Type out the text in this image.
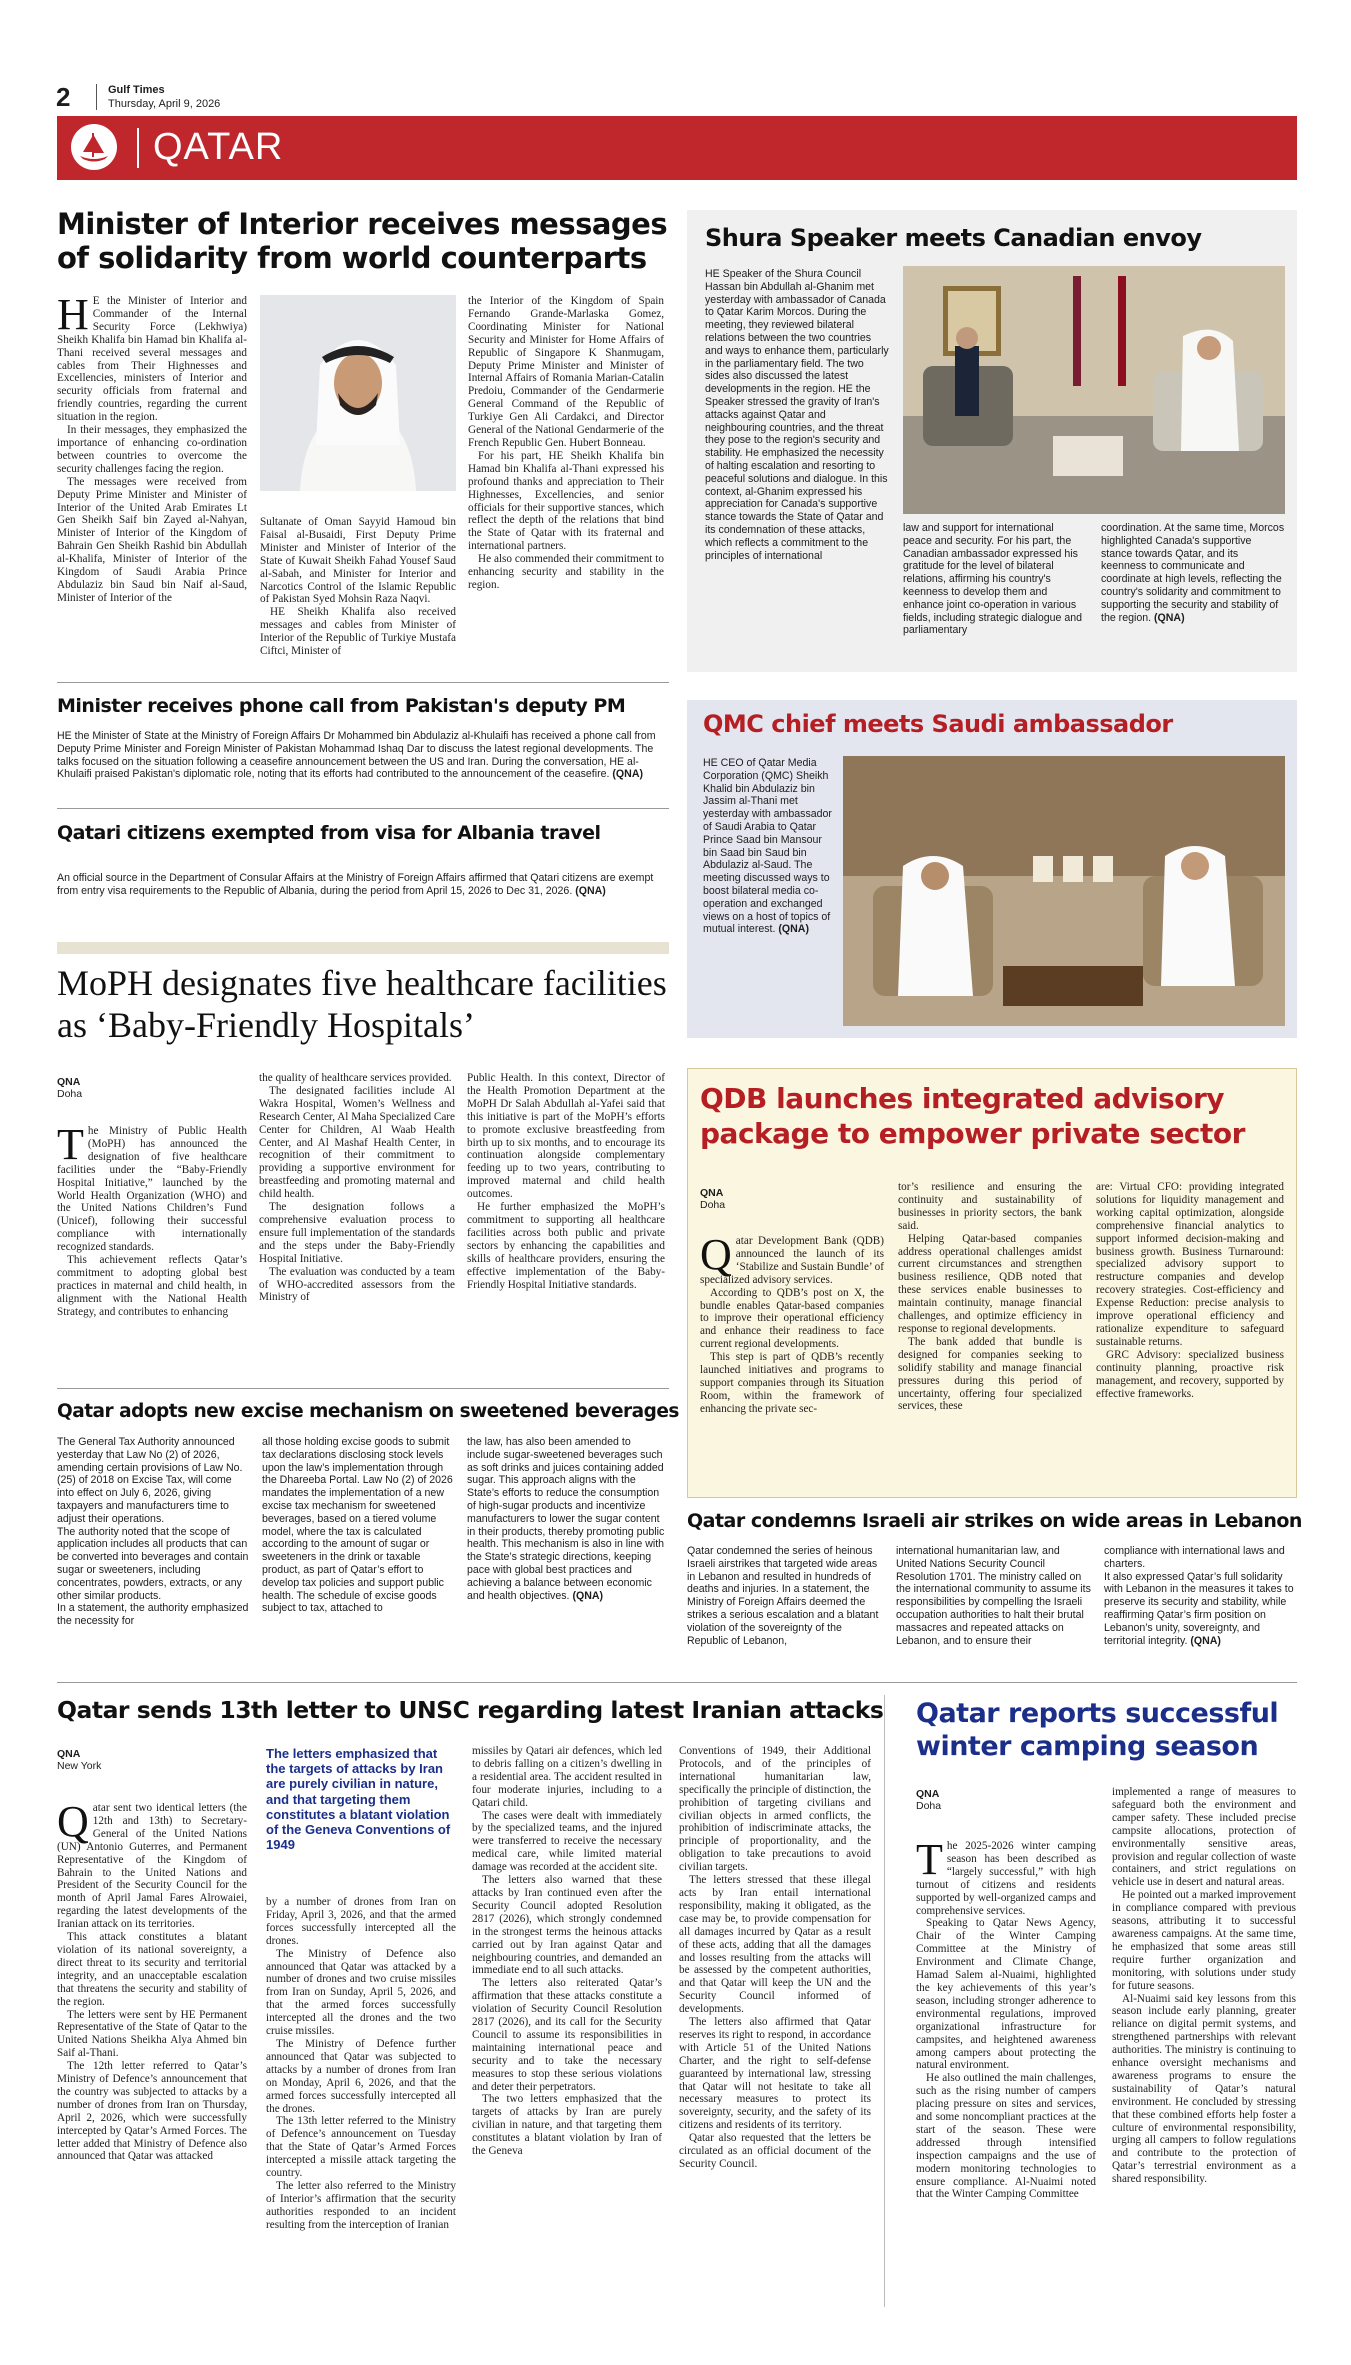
2	Gulf Times
Thursday, April 9, 2026
QATAR
Minister of Interior receives messages of solidarity from world counterparts
H E the Minister of Interior and Commander of the Internal Security Force (Lekhwiya) Sheikh Khalifa bin Hamad bin Khalifa al-Thani received several messages and cables from Their Highnesses and Excellencies, ministers of Interior and security officials from fraternal and friendly countries, regarding the current situation in the region.

In their messages, they emphasized the importance of enhancing co-ordination between countries to overcome the security challenges facing the region.

The messages were received from Deputy Prime Minister and Minister of Interior of the United Arab Emirates Lt Gen Sheikh Saif bin Zayed al-Nahyan, Minister of Interior of the Kingdom of Bahrain Gen Sheikh Rashid bin Abdullah al-Khalifa, Minister of Interior of the Kingdom of Saudi Arabia Prince Abdulaziz bin Saud bin Naif al-Saud, Minister of Interior of the

Sultanate of Oman Sayyid Hamoud bin Faisal al-Busaidi, First Deputy Prime Minister and Minister of Interior of the State of Kuwait Sheikh Fahad Yousef Saud al-Sabah, and Minister for Interior and Narcotics Control of the Islamic Republic of Pakistan Syed Mohsin Raza Naqvi.

HE Sheikh Khalifa also received messages and cables from Minister of Interior of the Republic of Turkiye Mustafa Ciftci, Minister of

the Interior of the Kingdom of Spain Fernando Grande-Marlaska Gomez, Coordinating Minister for National Security and Minister for Home Affairs of Republic of Singapore K Shanmugam, Deputy Prime Minister and Minister of Internal Affairs of Romania Marian-Catalin Predoiu, Commander of the Gendarmerie General Command of the Republic of Turkiye Gen Ali Cardakci, and Director General of the National Gendarmerie of the French Republic Gen. Hubert Bonneau.

For his part, HE Sheikh Khalifa bin Hamad bin Khalifa al-Thani expressed his profound thanks and appreciation to Their Highnesses, Excellencies, and senior officials for their supportive stances, which reflect the depth of the relations that bind the State of Qatar with its fraternal and international partners.

He also commended their commitment to enhancing security and stability in the region.

Shura Speaker meets Canadian envoy

HE Speaker of the Shura Council Hassan bin Abdullah al-Ghanim met yesterday with ambassador of Canada to Qatar Karim Morcos. During the meeting, they reviewed bilateral relations between the two countries and ways to enhance them, particularly in the parliamentary field. The two sides also discussed the latest developments in the region. HE the Speaker stressed the gravity of Iran's attacks against Qatar and neighbouring countries, and the threat they pose to the region's security and stability. He emphasized the necessity of halting escalation and resorting to peaceful solutions and dialogue. In this context, al-Ghanim expressed his appreciation for Canada's supportive stance towards the State of Qatar and its condemnation of these attacks, which reflects a commitment to the principles of international

law and support for international peace and security. For his part, the Canadian ambassador expressed his gratitude for the level of bilateral relations, affirming his country's keenness to develop them and enhance joint co-operation in various fields, including strategic dialogue and parliamentary

coordination. At the same time, Morcos highlighted Canada's supportive stance towards Qatar, and its keenness to communicate and coordinate at high levels, reflecting the country's solidarity and commitment to supporting the security and stability of the region. (QNA)

Minister receives phone call from Pakistan's deputy PM

HE the Minister of State at the Ministry of Foreign Affairs Dr Mohammed bin Abdulaziz al-Khulaifi has received a phone call from Deputy Prime Minister and Foreign Minister of Pakistan Mohammad Ishaq Dar to discuss the latest regional developments. The talks focused on the situation following a ceasefire announcement between the US and Iran. During the conversation, HE al-Khulaifi praised Pakistan's diplomatic role, noting that its efforts had contributed to the announcement of the ceasefire. (QNA)

Qatari citizens exempted from visa for Albania travel

An official source in the Department of Consular Affairs at the Ministry of Foreign Affairs affirmed that Qatari citizens are exempt from entry visa requirements to the Republic of Albania, during the period from April 15, 2026 to Dec 31, 2026. (QNA)

QMC chief meets Saudi ambassador

HE CEO of Qatar Media Corporation (QMC) Sheikh Khalid bin Abdulaziz bin Jassim al-Thani met yesterday with ambassador of Saudi Arabia to Qatar Prince Saad bin Mansour bin Saad bin Saud bin Abdulaziz al-Saud. The meeting discussed ways to boost bilateral media co-operation and exchanged views on a host of topics of mutual interest. (QNA)

MoPH designates five healthcare facilities as ‘Baby-Friendly Hospitals’
QNA
Doha
T he Ministry of Public Health (MoPH) has announced the designation of five healthcare facilities under the “Baby-Friendly Hospital Initiative,” launched by the World Health Organization (WHO) and the United Nations Children’s Fund (Unicef), following their successful compliance with internationally recognized standards.

This achievement reflects Qatar’s commitment to adopting global best practices in maternal and child health, in alignment with the National Health Strategy, and contributes to enhancing

the quality of healthcare services provided.

The designated facilities include Al Wakra Hospital, Women’s Wellness and Research Center, Al Maha Specialized Care Center for Children, Al Waab Health Center, and Al Mashaf Health Center, in recognition of their commitment to providing a supportive environment for breastfeeding and promoting maternal and child health.

The designation follows a comprehensive evaluation process to ensure full implementation of the standards and the steps under the Baby-Friendly Hospital Initiative.

The evaluation was conducted by a team of WHO-accredited assessors from the Ministry of

Public Health. In this context, Director of the Health Promotion Department at the MoPH Dr Salah Abdullah al-Yafei said that this initiative is part of the MoPH’s efforts to promote exclusive breastfeeding from birth up to six months, and to encourage its continuation alongside complementary feeding up to two years, contributing to improved maternal and child health outcomes.

He further emphasized the MoPH’s commitment to supporting all healthcare facilities across both public and private sectors by enhancing the capabilities and skills of healthcare providers, ensuring the effective implementation of the Baby-Friendly Hospital Initiative standards.

QDB launches integrated advisory package to empower private sector
QNA
Doha
Q atar Development Bank (QDB) announced the launch of its ‘Stabilize and Sustain Bundle’ of specialized advisory services.

According to QDB’s post on X, the bundle enables Qatar-based companies to improve their operational efficiency and enhance their readiness to face current regional developments.

This step is part of QDB’s recently launched initiatives and programs to support companies through its Situation Room, within the framework of enhancing the private sec-

tor’s resilience and ensuring the continuity and sustainability of businesses in priority sectors, the bank said.

Helping Qatar-based companies address operational challenges amidst current circumstances and strengthen business resilience, QDB noted that these services enable businesses to maintain continuity, manage financial challenges, and optimize efficiency in response to regional developments.

The bank added that bundle is designed for companies seeking to solidify stability and manage financial pressures during this period of uncertainty, offering four specialized services, these

are: Virtual CFO: providing integrated solutions for liquidity management and working capital optimization, alongside comprehensive financial analytics to support informed decision-making and business growth. Business Turnaround: specialized advisory support to restructure companies and develop recovery strategies. Cost-efficiency and Expense Reduction: precise analysis to improve operational efficiency and rationalize expenditure to safeguard sustainable returns.

GRC Advisory: specialized business continuity planning, proactive risk management, and recovery, supported by effective frameworks.

Qatar adopts new excise mechanism on sweetened beverages

The General Tax Authority announced yesterday that Law No (2) of 2026, amending certain provisions of Law No. (25) of 2018 on Excise Tax, will come into effect on July 6, 2026, giving taxpayers and manufacturers time to adjust their operations.
The authority noted that the scope of application includes all products that can be converted into beverages and contain sugar or sweeteners, including concentrates, powders, extracts, or any other similar products.
In a statement, the authority emphasized the necessity for

all those holding excise goods to submit tax declarations disclosing stock levels upon the law’s implementation through the Dhareeba Portal. Law No (2) of 2026 mandates the implementation of a new excise tax mechanism for sweetened beverages, based on a tiered volume model, where the tax is calculated according to the amount of sugar or sweeteners in the drink or taxable product, as part of Qatar’s effort to develop tax policies and support public health. The schedule of excise goods subject to tax, attached to

the law, has also been amended to include sugar-sweetened beverages such as soft drinks and juices containing added sugar. This approach aligns with the State’s efforts to reduce the consumption of high-sugar products and incentivize manufacturers to lower the sugar content in their products, thereby promoting public health. This mechanism is also in line with the State’s strategic directions, keeping pace with global best practices and achieving a balance between economic and health objectives. (QNA)

Qatar condemns Israeli air strikes on wide areas in Lebanon

Qatar condemned the series of heinous Israeli airstrikes that targeted wide areas in Lebanon and resulted in hundreds of deaths and injuries. In a statement, the Ministry of Foreign Affairs deemed the strikes a serious escalation and a blatant violation of the sovereignty of the Republic of Lebanon,

international humanitarian law, and United Nations Security Council Resolution 1701. The ministry called on the international community to assume its responsibilities by compelling the Israeli occupation authorities to halt their brutal massacres and repeated attacks on Lebanon, and to ensure their

compliance with international laws and charters.
It also expressed Qatar’s full solidarity with Lebanon in the measures it takes to preserve its security and stability, while reaffirming Qatar’s firm position on Lebanon’s unity, sovereignty, and territorial integrity. (QNA)

Qatar sends 13th letter to UNSC regarding latest Iranian attacks
QNA
New York
Q atar sent two identical letters (the 12th and 13th) to Secretary-General of the United Nations (UN) Antonio Guterres, and Permanent Representative of the Kingdom of Bahrain to the United Nations and President of the Security Council for the month of April Jamal Fares Alrowaiei, regarding the latest developments of the Iranian attack on its territories.

This attack constitutes a blatant violation of its national sovereignty, a direct threat to its security and territorial integrity, and an unacceptable escalation that threatens the security and stability of the region.

The letters were sent by HE Permanent Representative of the State of Qatar to the United Nations Sheikha Alya Ahmed bin Saif al-Thani.

The 12th letter referred to Qatar’s Ministry of Defence’s announcement that the country was subjected to attacks by a number of drones from Iran on Thursday, April 2, 2026, which were successfully intercepted by Qatar’s Armed Forces. The letter added that Ministry of Defence also announced that Qatar was attacked

The letters emphasized that the targets of attacks by Iran are purely civilian in nature, and that targeting them constitutes a blatant violation of the Geneva Conventions of 1949

by a number of drones from Iran on Friday, April 3, 2026, and that the armed forces successfully intercepted all the drones.

The Ministry of Defence also announced that Qatar was attacked by a number of drones and two cruise missiles from Iran on Sunday, April 5, 2026, and that the armed forces successfully intercepted all the drones and the two cruise missiles.

The Ministry of Defence further announced that Qatar was subjected to attacks by a number of drones from Iran on Monday, April 6, 2026, and that the armed forces successfully intercepted all the drones.

The 13th letter referred to the Ministry of Defence’s announcement on Tuesday that the State of Qatar’s Armed Forces intercepted a missile attack targeting the country.

The letter also referred to the Ministry of Interior’s affirmation that the security authorities responded to an incident resulting from the interception of Iranian

missiles by Qatari air defences, which led to debris falling on a citizen’s dwelling in a residential area. The accident resulted in four moderate injuries, including to a Qatari child.

The cases were dealt with immediately by the specialized teams, and the injured were transferred to receive the necessary medical care, while limited material damage was recorded at the accident site.

The letters also warned that these attacks by Iran continued even after the Security Council adopted Resolution 2817 (2026), which strongly condemned in the strongest terms the heinous attacks carried out by Iran against Qatar and neighbouring countries, and demanded an immediate end to all such attacks.

The letters also reiterated Qatar’s affirmation that these attacks constitute a violation of Security Council Resolution 2817 (2026), and its call for the Security Council to assume its responsibilities in maintaining international peace and security and to take the necessary measures to stop these serious violations and deter their perpetrators.

The two letters emphasized that the targets of attacks by Iran are purely civilian in nature, and that targeting them constitutes a blatant violation by Iran of the Geneva

Conventions of 1949, their Additional Protocols, and of the principles of international humanitarian law, specifically the principle of distinction, the prohibition of targeting civilians and civilian objects in armed conflicts, the prohibition of indiscriminate attacks, the principle of proportionality, and the obligation to take precautions to avoid civilian targets.

The letters stressed that these illegal acts by Iran entail international responsibility, making it obligated, as the case may be, to provide compensation for all damages incurred by Qatar as a result of these acts, adding that all the damages and losses resulting from the attacks will be assessed by the competent authorities, and that Qatar will keep the UN and the Security Council informed of developments.

The letters also affirmed that Qatar reserves its right to respond, in accordance with Article 51 of the United Nations Charter, and the right to self-defense guaranteed by international law, stressing that Qatar will not hesitate to take all necessary measures to protect its sovereignty, security, and the safety of its citizens and residents of its territory.

Qatar also requested that the letters be circulated as an official document of the Security Council.

Qatar reports successful winter camping season
QNA
Doha
T he 2025-2026 winter camping season has been described as “largely successful,” with high turnout of citizens and residents supported by well-organized camps and comprehensive services.

Speaking to Qatar News Agency, Chair of the Winter Camping Committee at the Ministry of Environment and Climate Change, Hamad Salem al-Nuaimi, highlighted the key achievements of this year’s season, including stronger adherence to environmental regulations, improved organizational infrastructure for campsites, and heightened awareness among campers about protecting the natural environment.

He also outlined the main challenges, such as the rising number of campers placing pressure on sites and services, and some noncompliant practices at the start of the season. These were addressed through intensified inspection campaigns and the use of modern monitoring technologies to ensure compliance. Al-Nuaimi noted that the Winter Camping Committee

implemented a range of measures to safeguard both the environment and camper safety. These included precise campsite allocations, protection of environmentally sensitive areas, provision and regular collection of waste containers, and strict regulations on vehicle use in desert and natural areas.

He pointed out a marked improvement in compliance compared with previous seasons, attributing it to successful awareness campaigns. At the same time, he emphasized that some areas still require further organization and monitoring, with solutions under study for future seasons.

Al-Nuaimi said key lessons from this season include early planning, greater reliance on digital permit systems, and strengthened partnerships with relevant authorities. The ministry is continuing to enhance oversight mechanisms and awareness programs to ensure the sustainability of Qatar’s natural environment. He concluded by stressing that these combined efforts help foster a culture of environmental responsibility, urging all campers to follow regulations and contribute to the protection of Qatar’s terrestrial environment as a shared responsibility.
